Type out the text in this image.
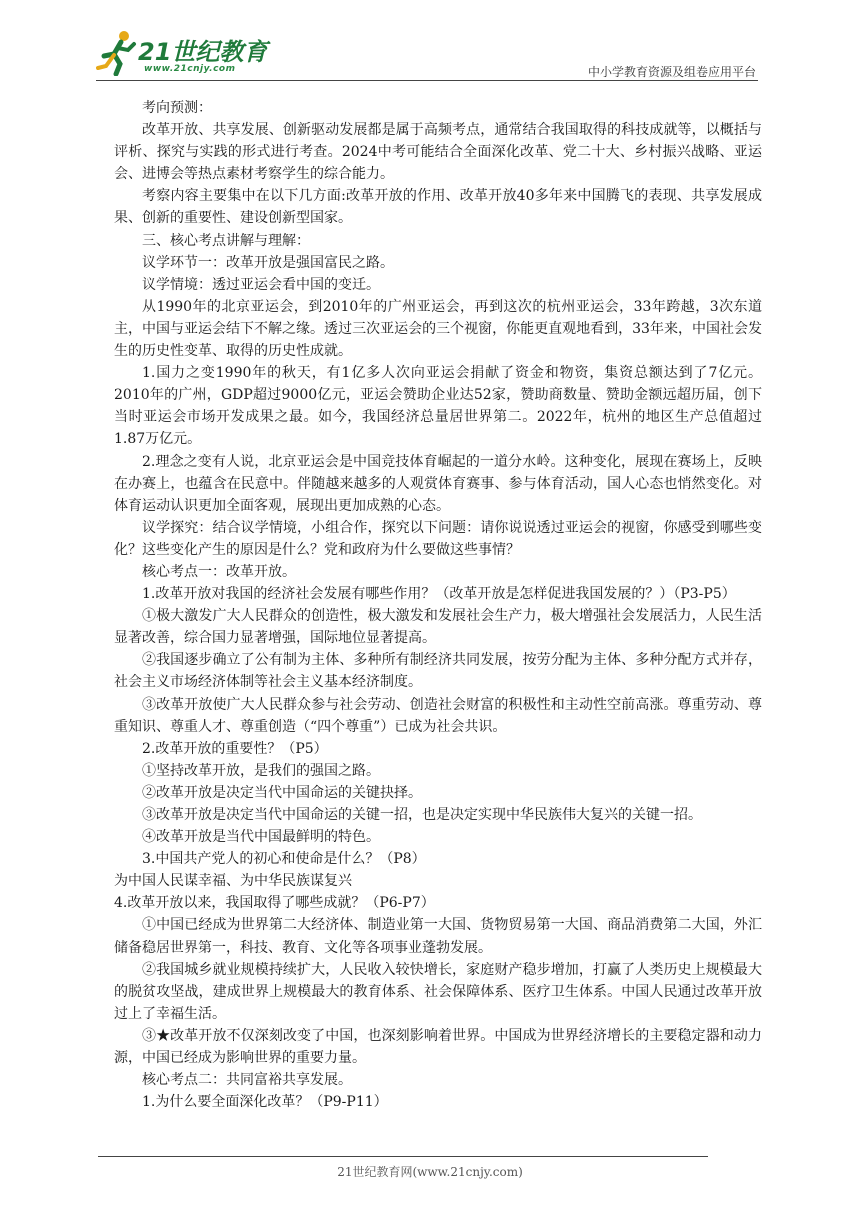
21世纪教育
www.21cnjy.com	中小学教育资源及组卷应用平台

考向预测：

改革开放、共享发展、创新驱动发展都是属于高频考点，通常结合我国取得的科技成就等，以概括与评析、探究与实践的形式进行考查。2024中考可能结合全面深化改革、党二十大、乡村振兴战略、亚运会、进博会等热点素材考察学生的综合能力。

考察内容主要集中在以下几方面:改革开放的作用、改革开放40多年来中国腾飞的表现、共享发展成果、创新的重要性、建设创新型国家。

三、核心考点讲解与理解：

议学环节一：改革开放是强国富民之路。

议学情境：透过亚运会看中国的变迁。

从1990年的北京亚运会，到2010年的广州亚运会，再到这次的杭州亚运会，33年跨越，3次东道主，中国与亚运会结下不解之缘。透过三次亚运会的三个视窗，你能更直观地看到，33年来，中国社会发生的历史性变革、取得的历史性成就。

1.国力之变1990年的秋天，有1亿多人次向亚运会捐献了资金和物资，集资总额达到了7亿元。2010年的广州，GDP超过9000亿元，亚运会赞助企业达52家，赞助商数量、赞助金额远超历届，创下当时亚运会市场开发成果之最。如今，我国经济总量居世界第二。2022年，杭州的地区生产总值超过1.87万亿元。

2.理念之变有人说，北京亚运会是中国竞技体育崛起的一道分水岭。这种变化，展现在赛场上，反映在办赛上，也蕴含在民意中。伴随越来越多的人观赏体育赛事、参与体育活动，国人心态也悄然变化。对体育运动认识更加全面客观，展现出更加成熟的心态。

议学探究：结合议学情境，小组合作，探究以下问题：请你说说透过亚运会的视窗，你感受到哪些变化？这些变化产生的原因是什么？党和政府为什么要做这些事情？

核心考点一：改革开放。

1.改革开放对我国的经济社会发展有哪些作用？（改革开放是怎样促进我国发展的？）（P3-P5）

①极大激发广大人民群众的创造性，极大激发和发展社会生产力，极大增强社会发展活力，人民生活显著改善，综合国力显著增强，国际地位显著提高。

②我国逐步确立了公有制为主体、多种所有制经济共同发展，按劳分配为主体、多种分配方式并存，社会主义市场经济体制等社会主义基本经济制度。

③改革开放使广大人民群众参与社会劳动、创造社会财富的积极性和主动性空前高涨。尊重劳动、尊重知识、尊重人才、尊重创造（“四个尊重”）已成为社会共识。

2.改革开放的重要性？（P5）

①坚持改革开放，是我们的强国之路。

②改革开放是决定当代中国命运的关键抉择。

③改革开放是决定当代中国命运的关键一招，也是决定实现中华民族伟大复兴的关键一招。

④改革开放是当代中国最鲜明的特色。

3.中国共产党人的初心和使命是什么？（P8）

为中国人民谋幸福、为中华民族谋复兴

4.改革开放以来，我国取得了哪些成就？（P6-P7）

①中国已经成为世界第二大经济体、制造业第一大国、货物贸易第一大国、商品消费第二大国，外汇储备稳居世界第一，科技、教育、文化等各项事业蓬勃发展。

②我国城乡就业规模持续扩大，人民收入较快增长，家庭财产稳步增加，打赢了人类历史上规模最大的脱贫攻坚战，建成世界上规模最大的教育体系、社会保障体系、医疗卫生体系。中国人民通过改革开放过上了幸福生活。

③★改革开放不仅深刻改变了中国，也深刻影响着世界。中国成为世界经济增长的主要稳定器和动力源，中国已经成为影响世界的重要力量。

核心考点二：共同富裕共享发展。

1.为什么要全面深化改革？（P9-P11）

21世纪教育网(www.21cnjy.com)
